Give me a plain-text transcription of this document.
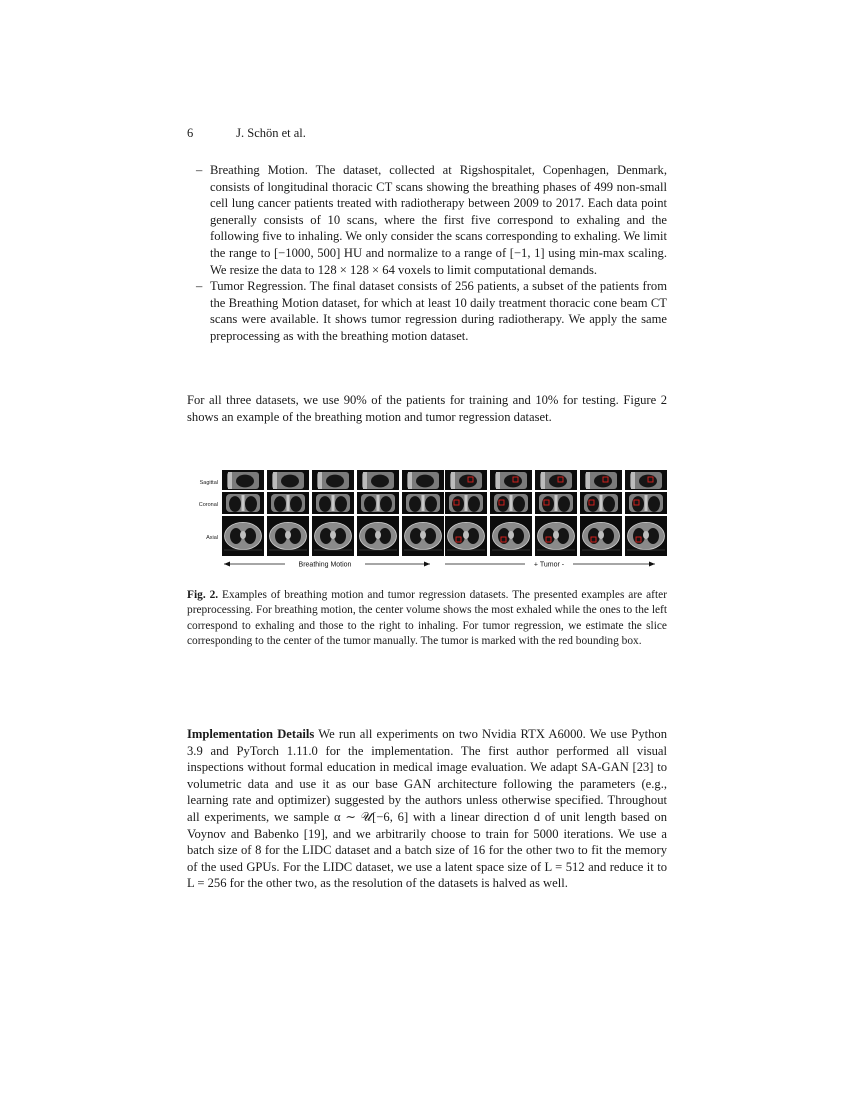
6	J. Schön et al.
– Breathing Motion. The dataset, collected at Rigshospitalet, Copenhagen, Denmark, consists of longitudinal thoracic CT scans showing the breathing phases of 499 non-small cell lung cancer patients treated with radiotherapy between 2009 to 2017. Each data point generally consists of 10 scans, where the first five correspond to exhaling and the following five to inhaling. We only consider the scans corresponding to exhaling. We limit the range to [−1000, 500] HU and normalize to a range of [−1, 1] using min-max scaling. We resize the data to 128 × 128 × 64 voxels to limit computational demands.
– Tumor Regression. The final dataset consists of 256 patients, a subset of the patients from the Breathing Motion dataset, for which at least 10 daily treatment thoracic cone beam CT scans were available. It shows tumor regression during radiotherapy. We apply the same preprocessing as with the breathing motion dataset.
For all three datasets, we use 90% of the patients for training and 10% for testing. Figure 2 shows an example of the breathing motion and tumor regression dataset.
Sagittal
Coronal
Axial
Breathing Motion	+ Tumor -
Fig. 2. Examples of breathing motion and tumor regression datasets. The presented examples are after preprocessing. For breathing motion, the center volume shows the most exhaled while the ones to the left correspond to exhaling and those to the right to inhaling. For tumor regression, we estimate the slice corresponding to the center of the tumor manually. The tumor is marked with the red bounding box.
Implementation Details We run all experiments on two Nvidia RTX A6000. We use Python 3.9 and PyTorch 1.11.0 for the implementation. The first author performed all visual inspections without formal education in medical image evaluation. We adapt SA-GAN [23] to volumetric data and use it as our base GAN architecture following the parameters (e.g., learning rate and optimizer) suggested by the authors unless otherwise specified. Throughout all experiments, we sample α ∼ 𝒰[−6, 6] with a linear direction d of unit length based on Voynov and Babenko [19], and we arbitrarily choose to train for 5000 iterations. We use a batch size of 8 for the LIDC dataset and a batch size of 16 for the other two to fit the memory of the used GPUs. For the LIDC dataset, we use a latent space size of L = 512 and reduce it to L = 256 for the other two, as the resolution of the datasets is halved as well.
